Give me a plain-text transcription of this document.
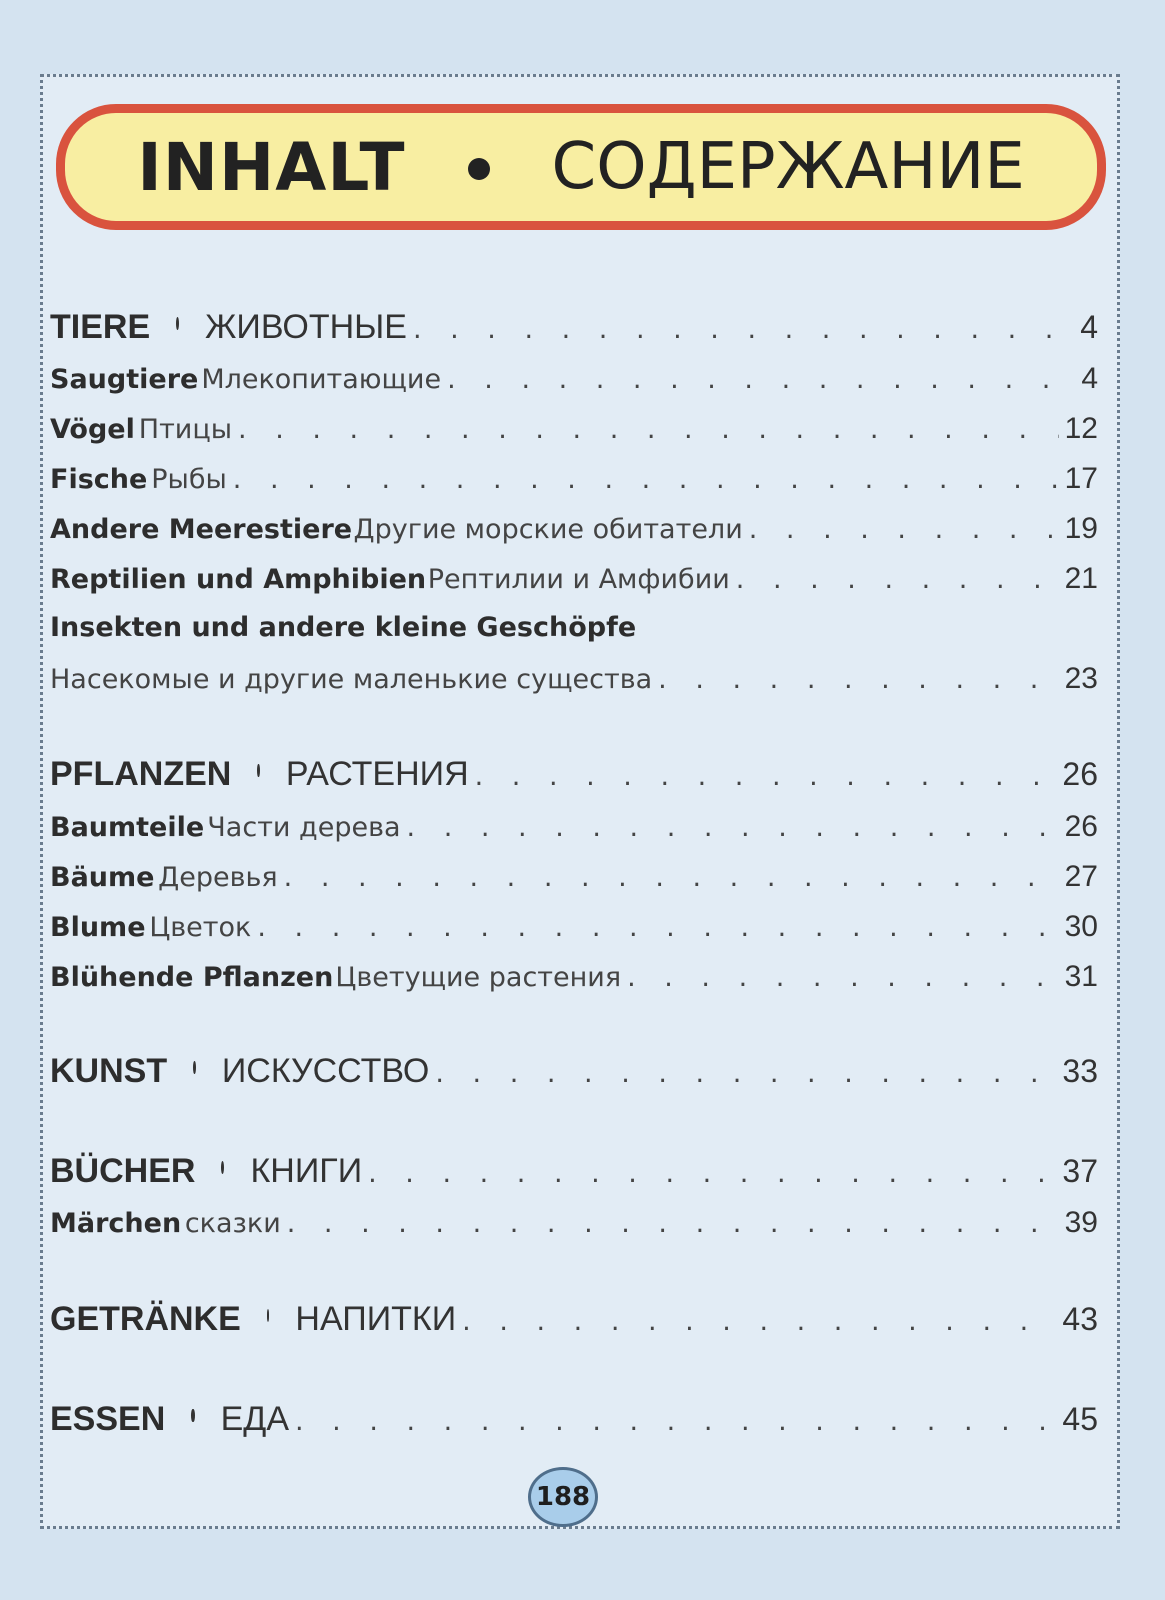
INHALT СОДЕРЖАНИЕ
TIERE ЖИВОТНЫЕ . . .	4
Saugtiere Млекопитающие . . .	4
Vögel Птицы . . .	12
Fische Рыбы . . .	17
Andere Meerestiere Другие морские обитатели . . .	19
Reptilien und Amphibien Рептилии и Амфибии . . .	21
Insekten und andere kleine Geschöpfe
Насекомые и другие маленькие существа . . .	23
PFLANZEN РАСТЕНИЯ . . .	26
Baumteile Части дерева . . .	26
Bäume Деревья . . .	27
Blume Цветок . . .	30
Blühende Pflanzen Цветущие растения . . .	31
KUNST ИСКУССТВО . . .	33
BÜCHER КНИГИ . . .	37
Märchen сказки . . .	39
GETRÄNKE НАПИТКИ . . .	43
ESSEN ЕДА . . .	45
188
